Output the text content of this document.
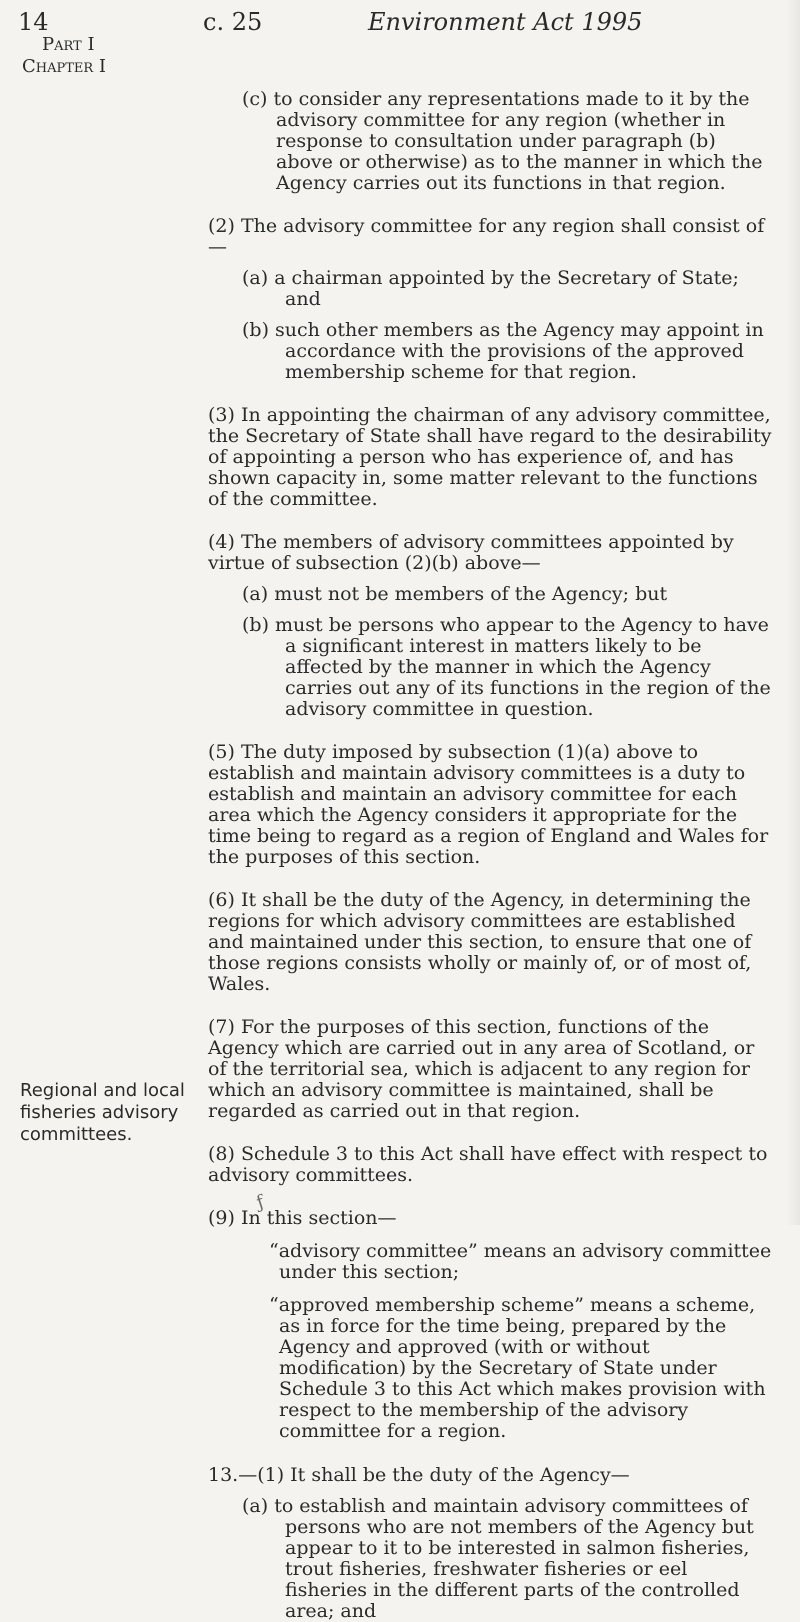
14	c. 25	Environment Act 1995
Part I
Chapter I
Regional and local fisheries advisory committees.

(c) to consider any representations made to it by the advisory committee for any region (whether in response to consultation under paragraph (b) above or otherwise) as to the manner in which the Agency carries out its functions in that region.

(2) The advisory committee for any region shall consist of—

(a) a chairman appointed by the Secretary of State; and

(b) such other members as the Agency may appoint in accordance with the provisions of the approved membership scheme for that region.

(3) In appointing the chairman of any advisory committee, the Secretary of State shall have regard to the desirability of appointing a person who has experience of, and has shown capacity in, some matter relevant to the functions of the committee.

(4) The members of advisory committees appointed by virtue of subsection (2)(b) above—

(a) must not be members of the Agency; but

(b) must be persons who appear to the Agency to have a significant interest in matters likely to be affected by the manner in which the Agency carries out any of its functions in the region of the advisory committee in question.

(5) The duty imposed by subsection (1)(a) above to establish and maintain advisory committees is a duty to establish and maintain an advisory committee for each area which the Agency considers it appropriate for the time being to regard as a region of England and Wales for the purposes of this section.

(6) It shall be the duty of the Agency, in determining the regions for which advisory committees are established and maintained under this section, to ensure that one of those regions consists wholly or mainly of, or of most of, Wales.

(7) For the purposes of this section, functions of the Agency which are carried out in any area of Scotland, or of the territorial sea, which is adjacent to any region for which an advisory committee is maintained, shall be regarded as carried out in that region.

(8) Schedule 3 to this Act shall have effect with respect to advisory committees.

(9) In this section—

“advisory committee” means an advisory committee under this section;

“approved membership scheme” means a scheme, as in force for the time being, prepared by the Agency and approved (with or without modification) by the Secretary of State under Schedule 3 to this Act which makes provision with respect to the membership of the advisory committee for a region.

13.—(1) It shall be the duty of the Agency—

(a) to establish and maintain advisory committees of persons who are not members of the Agency but appear to it to be interested in salmon fisheries, trout fisheries, freshwater fisheries or eel fisheries in the different parts of the controlled area; and

ƒ
